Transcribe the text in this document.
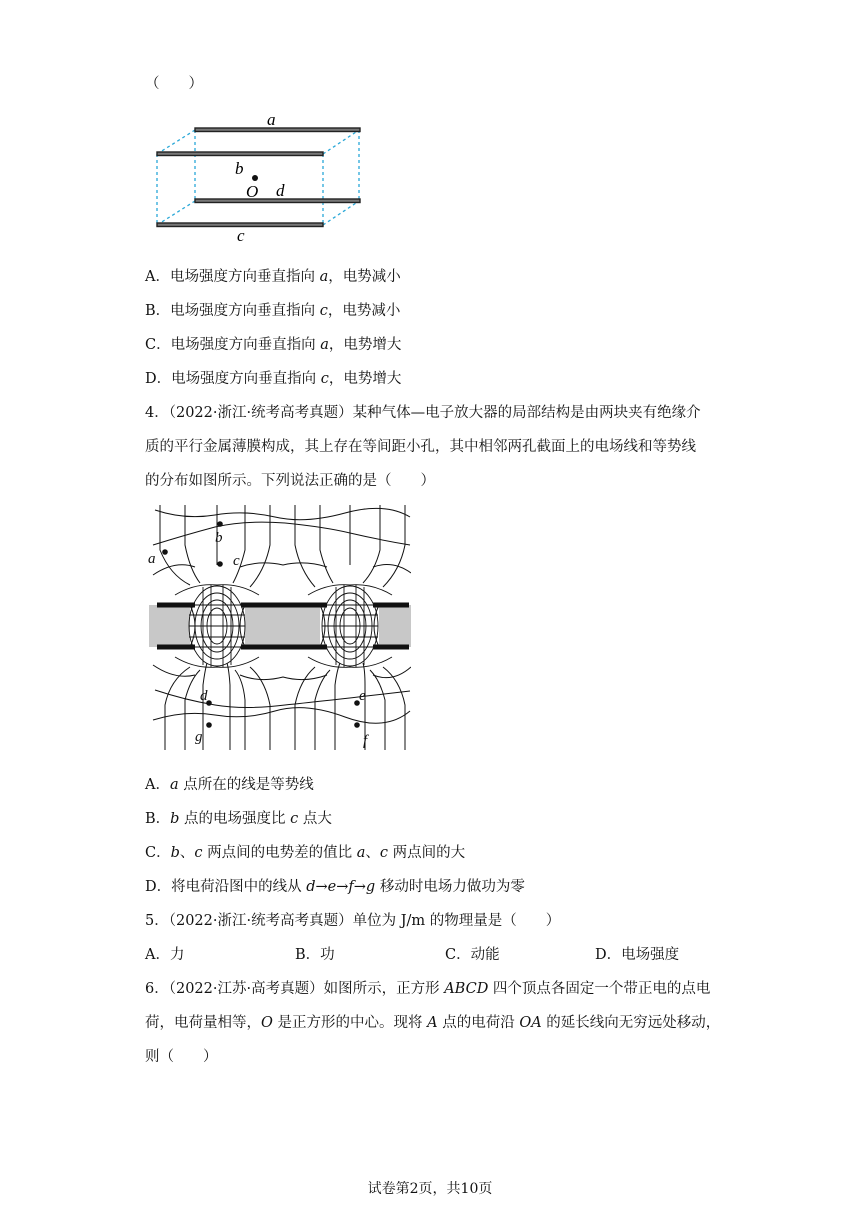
（　　）
a
b
O d
c
A．电场强度方向垂直指向 a，电势减小
B．电场强度方向垂直指向 c，电势减小
C．电场强度方向垂直指向 a，电势增大
D．电场强度方向垂直指向 c，电势增大
4．（2022·浙江·统考高考真题）某种气体—电子放大器的局部结构是由两块夹有绝缘介
质的平行金属薄膜构成，其上存在等间距小孔，其中相邻两孔截面上的电场线和等势线
的分布如图所示。下列说法正确的是（　　）
a
b
c
d
g
e
f
A．a 点所在的线是等势线
B．b 点的电场强度比 c 点大
C．b、c 两点间的电势差的值比 a、c 两点间的大
D．将电荷沿图中的线从 d→e→f→g 移动时电场力做功为零
5．（2022·浙江·统考高考真题）单位为 J/m 的物理量是（　　）
A．力	B．功	C．动能	D．电场强度
6．（2022·江苏·高考真题）如图所示，正方形 ABCD 四个顶点各固定一个带正电的点电
荷，电荷量相等，O 是正方形的中心。现将 A 点的电荷沿 OA 的延长线向无穷远处移动，
则（　　）
试卷第2页，共10页
